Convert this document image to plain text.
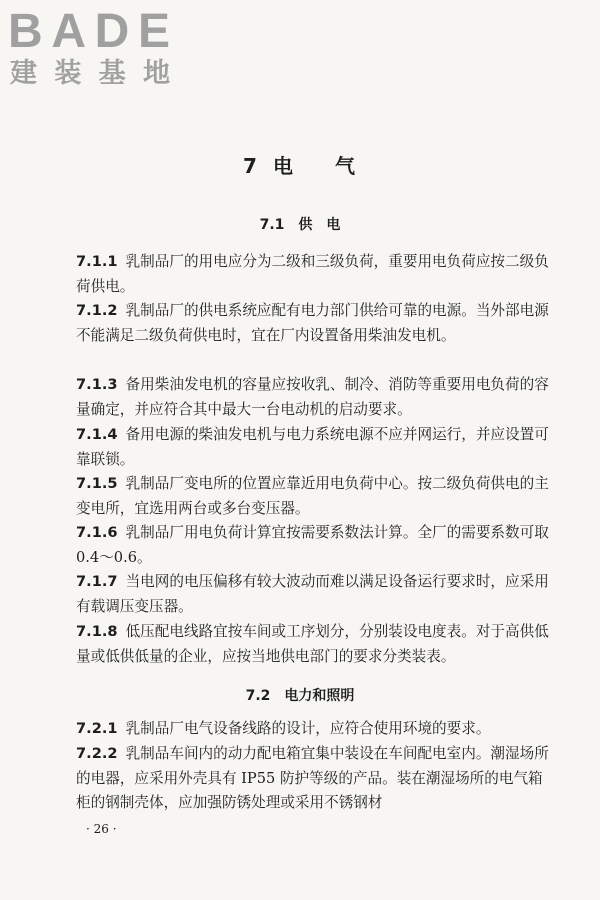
BADE
建装基地
7 电 气
7.1 供　电
7.1.1 乳制品厂的用电应分为二级和三级负荷，重要用电负荷应按二级负荷供电。
7.1.2 乳制品厂的供电系统应配有电力部门供给可靠的电源。当外部电源不能满足二级负荷供电时，宜在厂内设置备用柴油发电机。
7.1.3 备用柴油发电机的容量应按收乳、制冷、消防等重要用电负荷的容量确定，并应符合其中最大一台电动机的启动要求。
7.1.4 备用电源的柴油发电机与电力系统电源不应并网运行，并应设置可靠联锁。
7.1.5 乳制品厂变电所的位置应靠近用电负荷中心。按二级负荷供电的主变电所，宜选用两台或多台变压器。
7.1.6 乳制品厂用电负荷计算宜按需要系数法计算。全厂的需要系数可取 0.4～0.6。
7.1.7 当电网的电压偏移有较大波动而难以满足设备运行要求时，应采用有载调压变压器。
7.1.8 低压配电线路宜按车间或工序划分，分别装设电度表。对于高供低量或低供低量的企业，应按当地供电部门的要求分类装表。
7.2 电力和照明
7.2.1 乳制品厂电气设备线路的设计，应符合使用环境的要求。
7.2.2 乳制品车间内的动力配电箱宜集中装设在车间配电室内。潮湿场所的电器，应采用外壳具有 IP55 防护等级的产品。装在潮湿场所的电气箱柜的钢制壳体，应加强防锈处理或采用不锈钢材
· 26 ·
